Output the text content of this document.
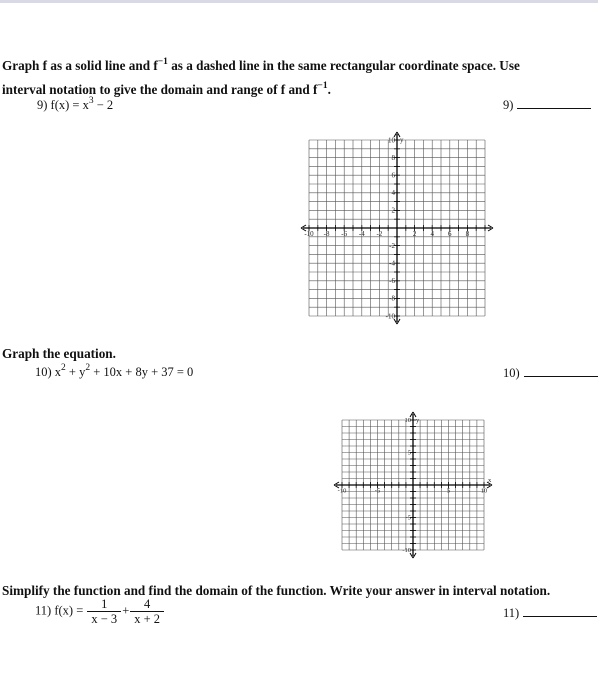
Graph f as a solid line and $f^{-1}$ as a dashed line in the same rectangular coordinate space. Use
interval notation to give the domain and range of f and $f^{-1}$.
9) $f(x) = x^3 - 2$	9)
-10 -8 -6 -4 -2	2 4 6 8
10
8
6
4
2
-2
-4
-6
-8
-10
y
Graph the equation.
10) $x^2 + y^2 + 10x + 8y + 37 = 0$	10)
-10	-5	5	10
10
5
-5
-10
y
x
Simplify the function and find the domain of the function. Write your answer in interval notation.
11) $f(x) = \frac{1}{x - 3} + \frac{4}{x + 2}$	11)
